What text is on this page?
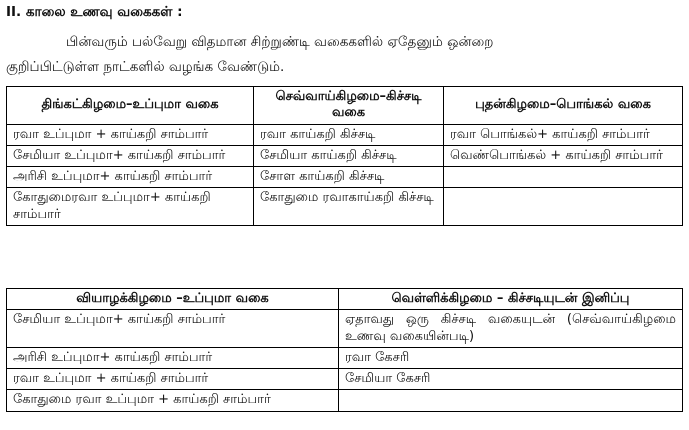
II. காலை உணவு வகைகள் :
பின்வரும் பல்வேறு விதமான சிற்றுண்டி வகைகளில் ஏதேனும் ஒன்றை
குறிப்பிட்டுள்ள நாட்களில் வழங்க வேண்டும்.
திங்கட்கிழமை–உப்புமா வகை	செவ்வாய்கிழமை–கிச்சடி வகை	புதன்கிழமை–பொங்கல் வகை
ரவா உப்புமா + காய்கறி சாம்பார்	ரவா காய்கறி கிச்சடி	ரவா பொங்கல்+ காய்கறி சாம்பார்
சேமியா உப்புமா+ காய்கறி சாம்பார்	சேமியா காய்கறி கிச்சடி	வெண்பொங்கல் + காய்கறி சாம்பார்
அரிசி உப்புமா+ காய்கறி சாம்பார்	சோள காய்கறி கிச்சடி	
கோதுமைரவா உப்புமா+ காய்கறி சாம்பார்	கோதுமை ரவாகாய்கறி கிச்சடி	
வியாழக்கிழமை –உப்புமா வகை	வெள்ளிக்கிழமை – கிச்சடியுடன் இனிப்பு
சேமியா உப்புமா+ காய்கறி சாம்பார்	ஏதாவது ஒரு கிச்சடி வகையுடன் (செவ்வாய்கிழமை உணவு வகையின்படி)
அரிசி உப்புமா+ காய்கறி சாம்பார்	ரவா கேசரி
ரவா உப்புமா + காய்கறி சாம்பார்	சேமியா கேசரி
கோதுமை ரவா உப்புமா + காய்கறி சாம்பார்	
